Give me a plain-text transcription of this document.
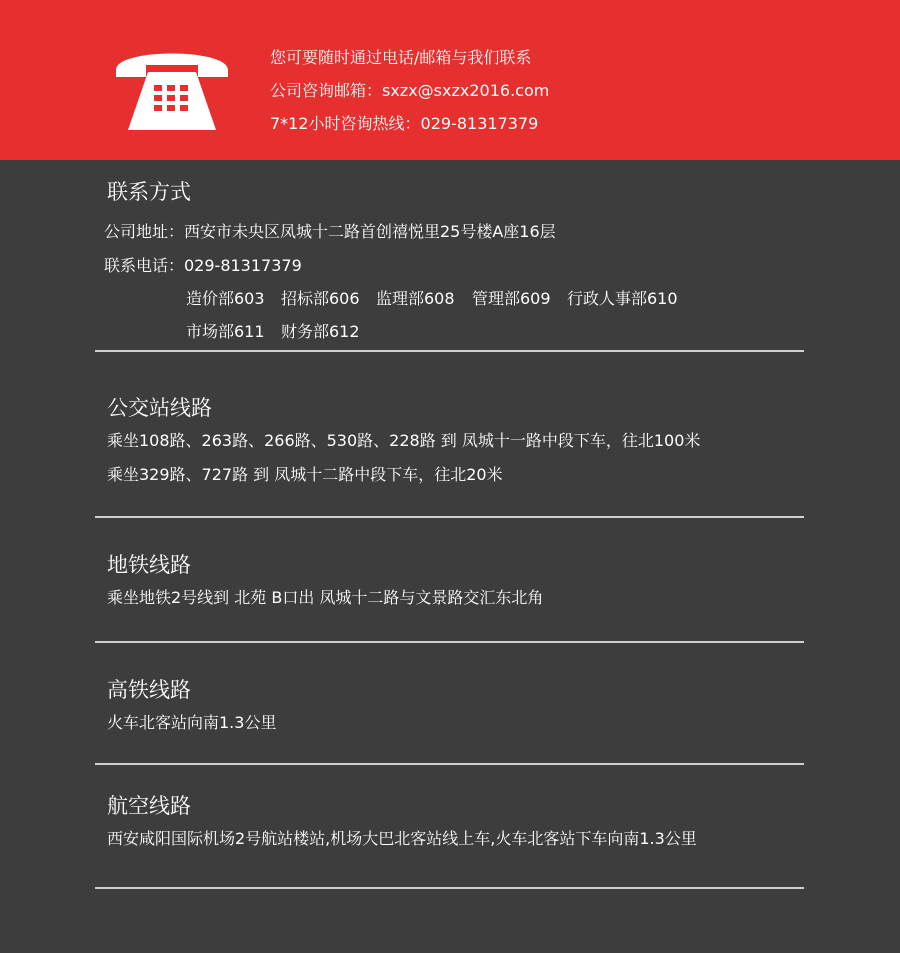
您可要随时通过电话/邮箱与我们联系
公司咨询邮箱：sxzx@sxzx2016.com
7*12小时咨询热线：029-81317379
联系方式
公司地址：西安市未央区凤城十二路首创禧悦里25号楼A座16层
联系电话：029-81317379
造价部603 招标部606 监理部608 管理部609 行政人事部610
市场部611 财务部612
公交站线路
乘坐108路、263路、266路、530路、228路 到 凤城十一路中段下车，往北100米
乘坐329路、727路 到 凤城十二路中段下车，往北20米
地铁线路
乘坐地铁2号线到 北苑 B口出 凤城十二路与文景路交汇东北角
高铁线路
火车北客站向南1.3公里
航空线路
西安咸阳国际机场2号航站楼站,机场大巴北客站线上车,火车北客站下车向南1.3公里
